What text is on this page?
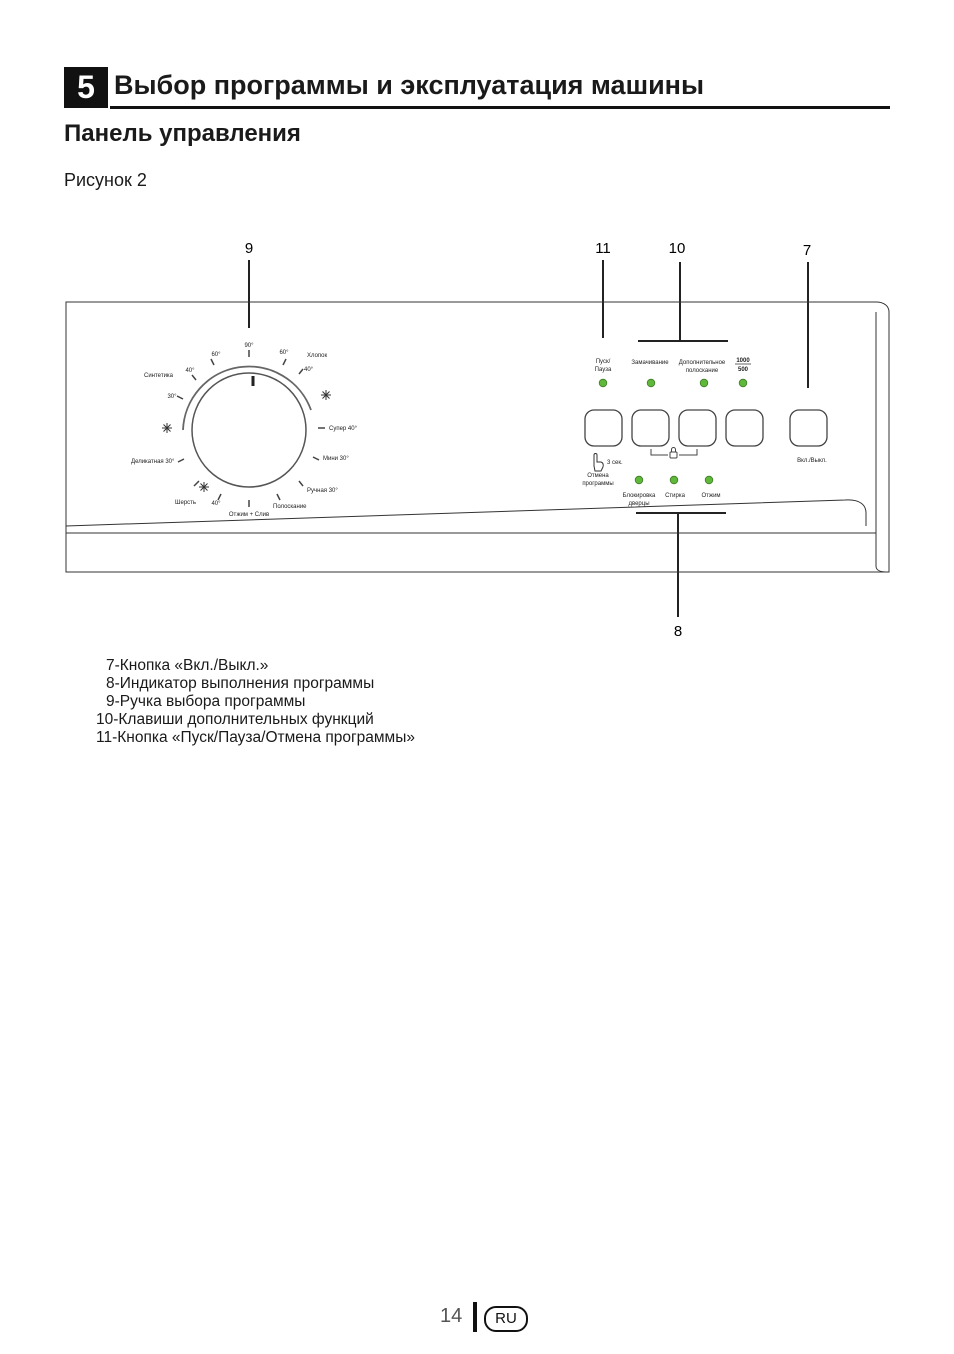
5 Выбор программы и эксплуатация машины
Панель управления
Рисунок 2
9	11	10	7
8
90°
60°	60°	Хлопок
40°
40°
Синтетика
30°
Супер 40°
Деликатная 30°	Мини 30°
Ручная 30°
Шерсть	40°	Полоскание
Отжим + Слив
Пуск/
Пауза
Замачивание Дополнительное
полоскание
1000
500
3 сек.
Отмена
программы
Вкл./Выкл.
Блокировка
дверцы
Стирка	Отжим
7-Кнопка «Вкл./Выкл.»
8-Индикатор выполнения программы
9-Ручка выбора программы
10-Клавиши дополнительных функций
11-Кнопка «Пуск/Пауза/Отмена программы»
14	RU
